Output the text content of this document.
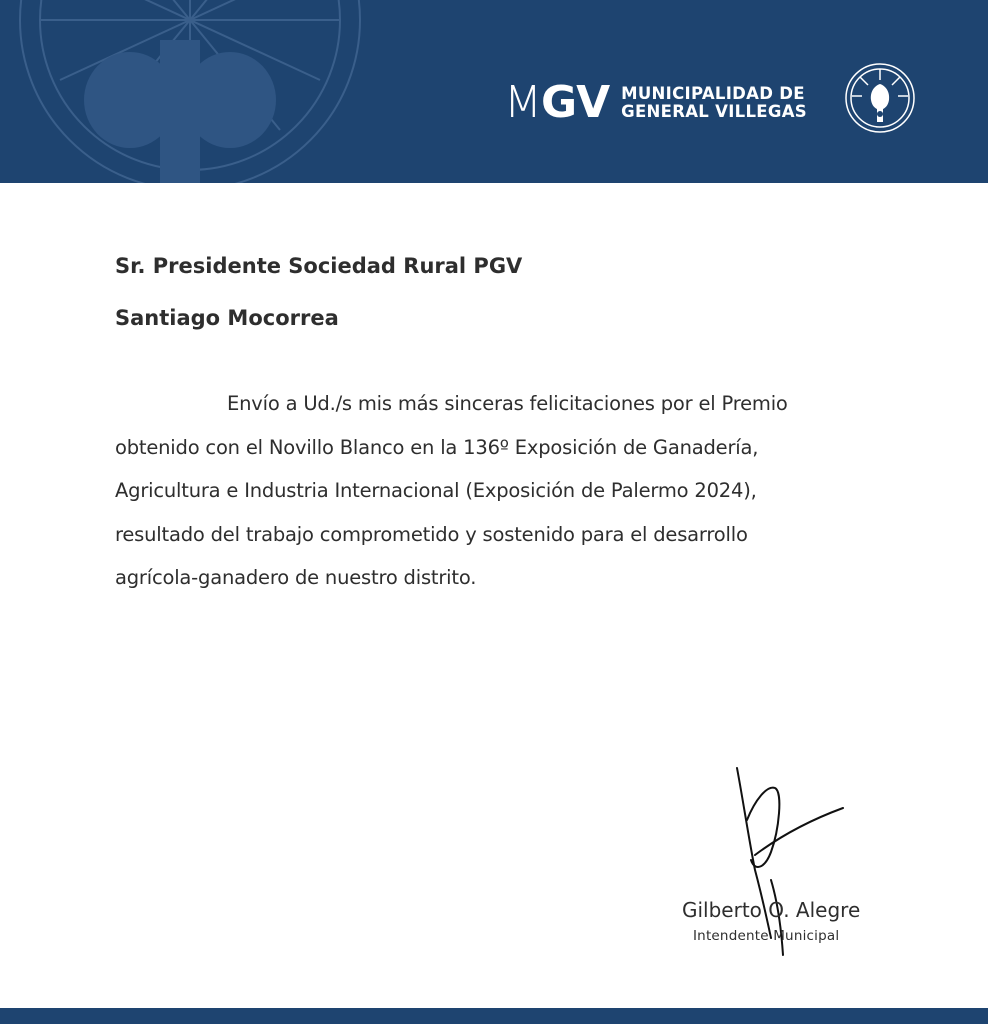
M GV MUNICIPALIDAD DE
GENERAL VILLEGAS
Sr. Presidente Sociedad Rural PGV
Santiago Mocorrea
Envío a Ud./s mis más sinceras felicitaciones por el Premio
obtenido con el Novillo Blanco en la 136º Exposición de Ganadería,
Agricultura e Industria Internacional (Exposición de Palermo 2024),
resultado del trabajo comprometido y sostenido para el desarrollo
agrícola-ganadero de nuestro distrito.
Gilberto O. Alegre
Intendente Municipal
